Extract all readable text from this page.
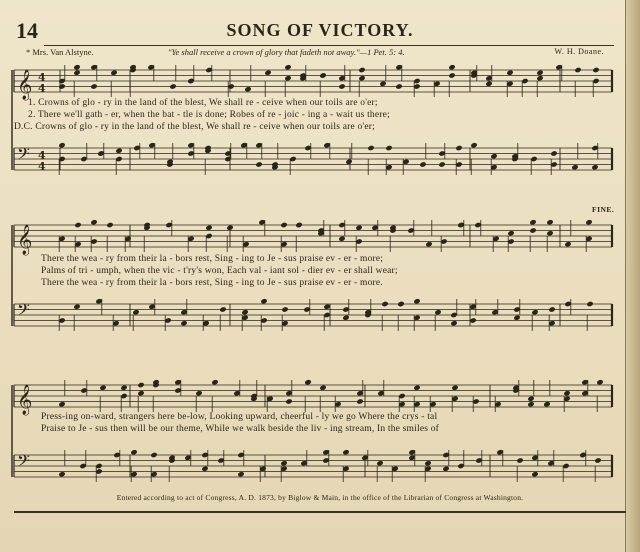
14	SONG OF VICTORY.
* Mrs. Van Alstyne.	"Ye shall receive a crown of glory that fadeth not away."—1 Pet. 5: 4.	W. H. Doane.
𝄞
𝄢
𝄞
𝄢
𝄞
𝄢
4
4
4
4
1. Crowns of glo - ry in the land of the blest, We shall re - ceive when our toils are o'er;
2. There we'll gath - er, when the bat - tle is done; Robes of re - joic - ing a - wait us there;
D.C. Crowns of glo - ry in the land of the blest, We shall re - ceive when our toils are o'er;
There the wea - ry from their la - bors rest, Sing - ing to Je - sus praise ev - er - more;
Palms of tri - umph, when the vic - t'ry's won, Each val - iant sol - dier ev - er shall wear;
There the wea - ry from their la - bors rest, Sing - ing to Je - sus praise ev - er - more.
FINE.
Press-ing on-ward, strangers here be-low, Looking upward, cheerful - ly we go Where the crys - tal
Praise to Je - sus then will be our theme, While we walk beside the liv - ing stream, In the smiles of
Entered according to act of Congress, A. D. 1873, by Biglow & Main, in the office of the Librarian of Congress at Washington.
